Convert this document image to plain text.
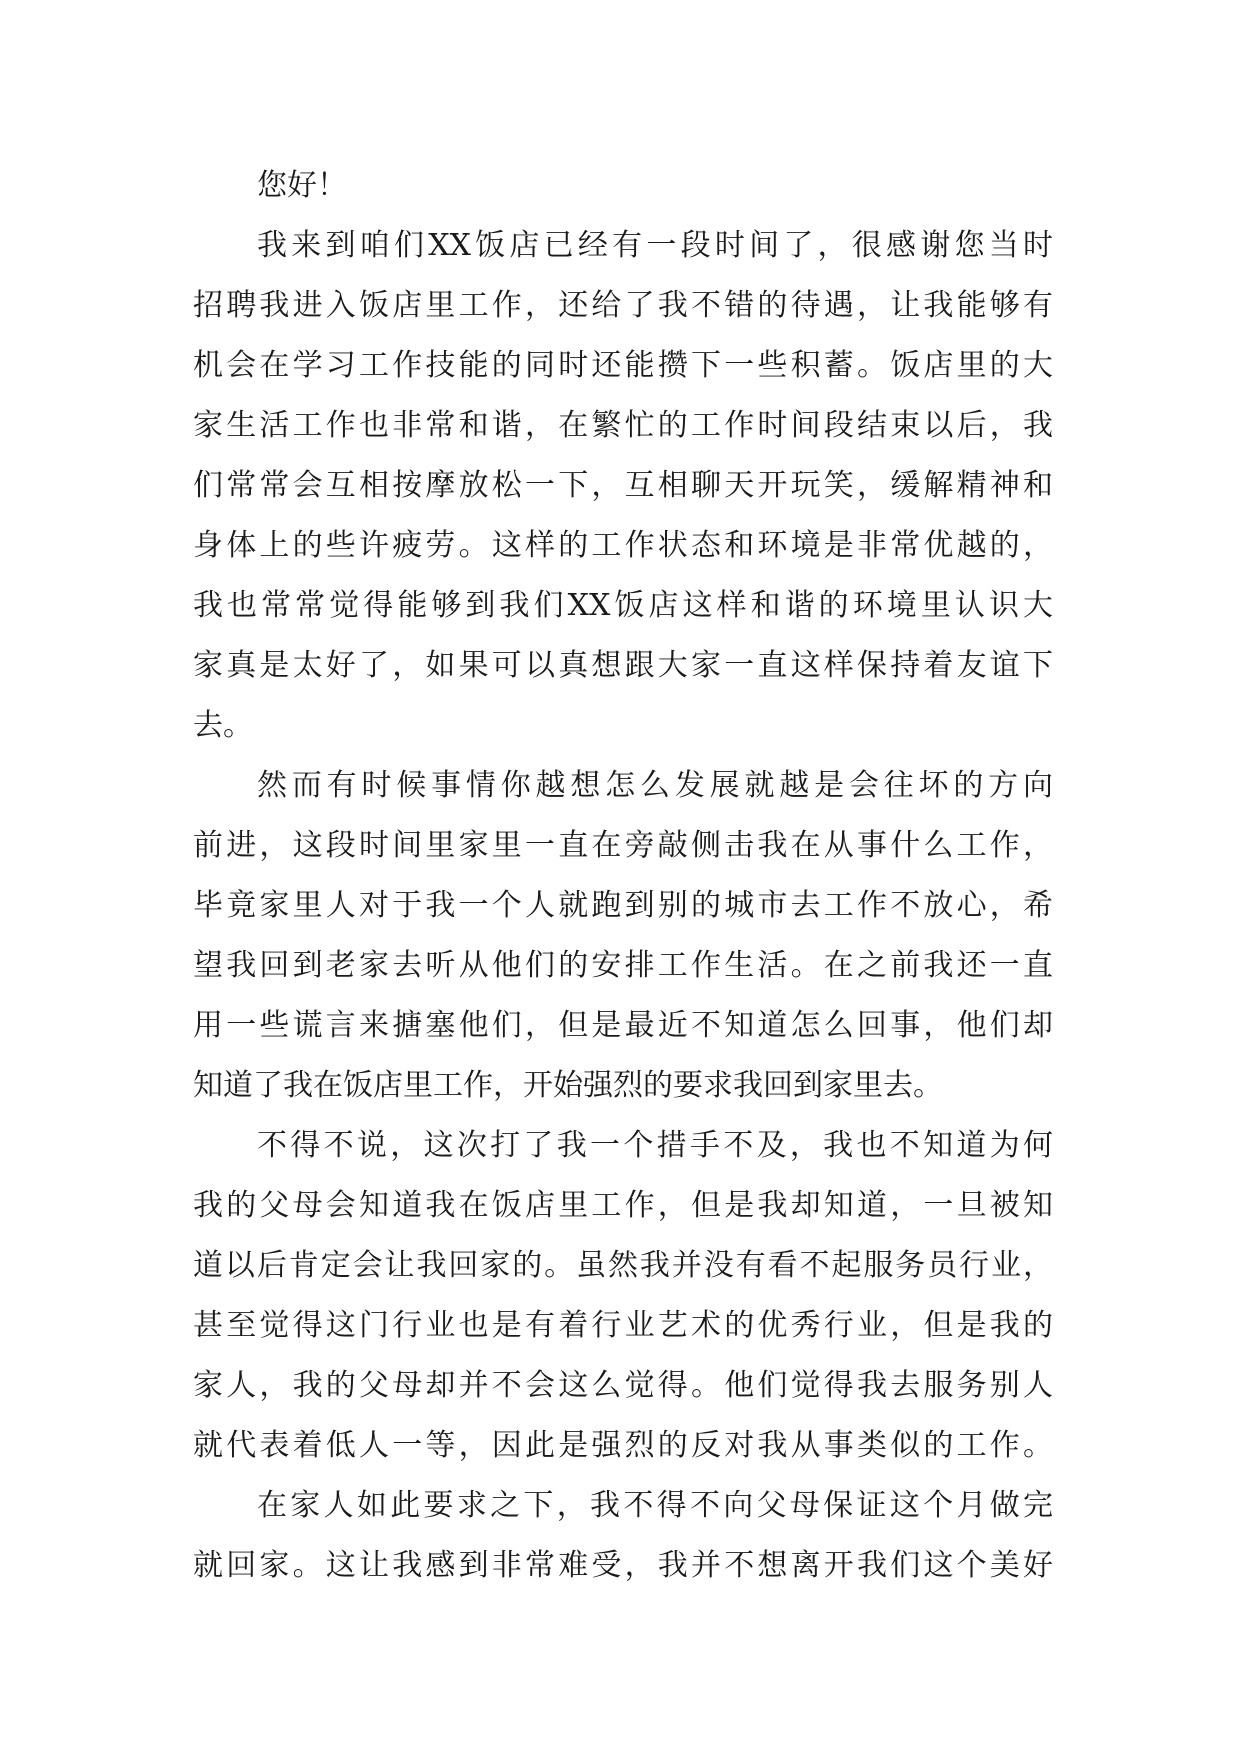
您好！
我来到咱们XX饭店已经有一段时间了，很感谢您当时
招聘我进入饭店里工作，还给了我不错的待遇，让我能够有
机会在学习工作技能的同时还能攒下一些积蓄。饭店里的大
家生活工作也非常和谐，在繁忙的工作时间段结束以后，我
们常常会互相按摩放松一下，互相聊天开玩笑，缓解精神和
身体上的些许疲劳。这样的工作状态和环境是非常优越的，
我也常常觉得能够到我们XX饭店这样和谐的环境里认识大
家真是太好了，如果可以真想跟大家一直这样保持着友谊下
去。
然而有时候事情你越想怎么发展就越是会往坏的方向
前进，这段时间里家里一直在旁敲侧击我在从事什么工作，
毕竟家里人对于我一个人就跑到别的城市去工作不放心，希
望我回到老家去听从他们的安排工作生活。在之前我还一直
用一些谎言来搪塞他们，但是最近不知道怎么回事，他们却
知道了我在饭店里工作，开始强烈的要求我回到家里去。
不得不说，这次打了我一个措手不及，我也不知道为何
我的父母会知道我在饭店里工作，但是我却知道，一旦被知
道以后肯定会让我回家的。虽然我并没有看不起服务员行业，
甚至觉得这门行业也是有着行业艺术的优秀行业，但是我的
家人，我的父母却并不会这么觉得。他们觉得我去服务别人
就代表着低人一等，因此是强烈的反对我从事类似的工作。
在家人如此要求之下，我不得不向父母保证这个月做完
就回家。这让我感到非常难受，我并不想离开我们这个美好
